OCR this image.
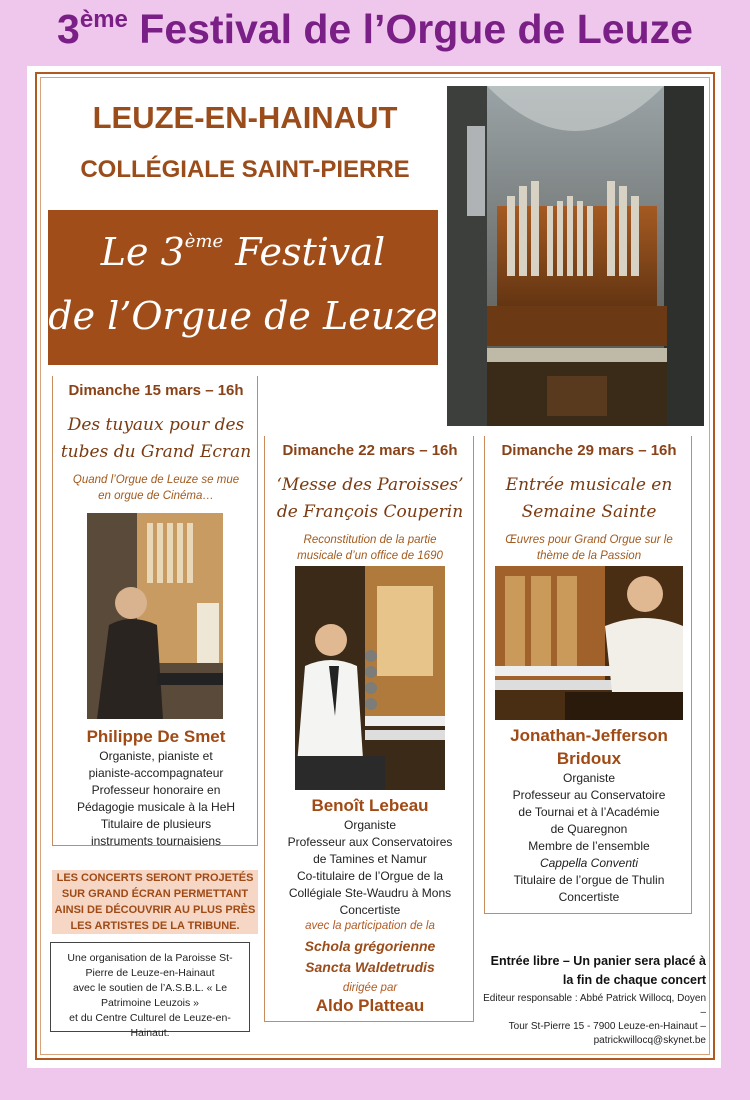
3ème Festival de l’Orgue de Leuze
LEUZE-EN-HAINAUT
COLLÉGIALE SAINT-PIERRE
Le 3ème Festival
de l’Orgue de Leuze
Dimanche 15 mars – 16h
Des tuyaux pour des
tubes du Grand Ecran
Quand l’Orgue de Leuze se mue
en orgue de Cinéma…
Philippe De Smet
Organiste, pianiste et
pianiste-accompagnateur
Professeur honoraire en
Pédagogie musicale à la HeH
Titulaire de plusieurs
instruments tournaisiens
Dimanche 22 mars – 16h
‘Messe des Paroisses’
de François Couperin
Reconstitution de la partie
musicale d’un office de 1690
Benoît Lebeau
Organiste
Professeur aux Conservatoires
de Tamines et Namur
Co-titulaire de l’Orgue de la
Collégiale Ste-Waudru à Mons
Concertiste
avec la participation de la
Schola grégorienne
Sancta Waldetrudis
dirigée par
Aldo Platteau
Dimanche 29 mars – 16h
Entrée musicale en
Semaine Sainte
Œuvres pour Grand Orgue sur le
thème de la Passion
Jonathan-Jefferson
Bridoux
Organiste
Professeur au Conservatoire
de Tournai et à l’Académie
de Quaregnon
Membre de l’ensemble
Cappella Conventi
Titulaire de l’orgue de Thulin
Concertiste
LES CONCERTS SERONT PROJETÉS
SUR GRAND ÉCRAN PERMETTANT
AINSI DE DÉCOUVRIR AU PLUS PRÈS
LES ARTISTES DE LA TRIBUNE.
Une organisation de la Paroisse St-
Pierre de Leuze-en-Hainaut
avec le soutien de l’A.S.B.L. « Le
Patrimoine Leuzois »
et du Centre Culturel de Leuze-en-
Hainaut.
Entrée libre – Un panier sera placé à
la fin de chaque concert
Editeur responsable : Abbé Patrick Willocq, Doyen –
Tour St-Pierre 15 - 7900 Leuze-en-Hainaut –
patrickwillocq@skynet.be
